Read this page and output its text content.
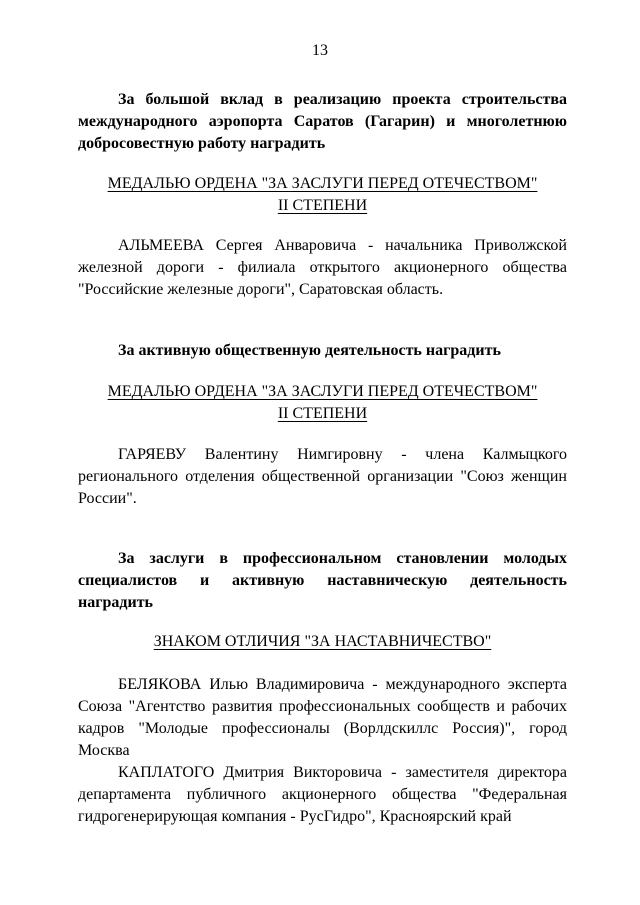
13
За большой вклад в реализацию проекта строительства международного аэропорта Саратов (Гагарин) и многолетнюю добросовестную работу наградить
МЕДАЛЬЮ ОРДЕНА "ЗА ЗАСЛУГИ ПЕРЕД ОТЕЧЕСТВОМ"
II СТЕПЕНИ
АЛЬМЕЕВА Сергея Анваровича - начальника Приволжской железной дороги - филиала открытого акционерного общества "Российские железные дороги", Саратовская область.
За активную общественную деятельность наградить
МЕДАЛЬЮ ОРДЕНА "ЗА ЗАСЛУГИ ПЕРЕД ОТЕЧЕСТВОМ"
II СТЕПЕНИ
ГАРЯЕВУ Валентину Нимгировну - члена Калмыцкого регионального отделения общественной организации "Союз женщин России".
За заслуги в профессиональном становлении молодых специалистов и активную наставническую деятельность наградить
ЗНАКОМ ОТЛИЧИЯ "ЗА НАСТАВНИЧЕСТВО"
БЕЛЯКОВА Илью Владимировича - международного эксперта Союза "Агентство развития профессиональных сообществ и рабочих кадров "Молодые профессионалы (Ворлдскиллс Россия)", город Москва
КАПЛАТОГО Дмитрия Викторовича - заместителя директора департамента публичного акционерного общества "Федеральная гидрогенерирующая компания - РусГидро", Красноярский край
